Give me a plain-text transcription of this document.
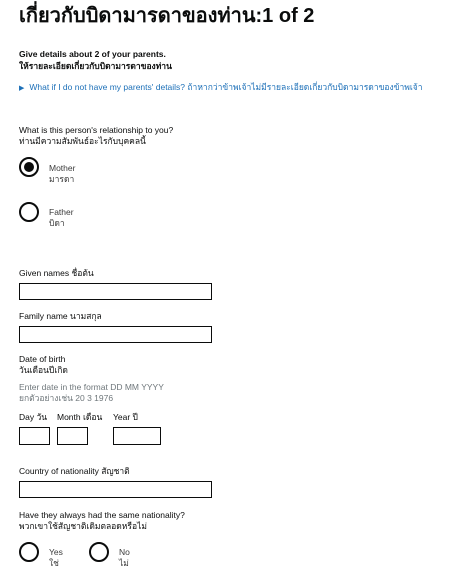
เกี่ยวกับบิดามารดาของท่าน:1 of 2
Give details about 2 of your parents.
ให้รายละเอียดเกี่ยวกับบิดามารดาของท่าน
▶ What if I do not have my parents' details? ถ้าหากว่าข้าพเจ้าไม่มีรายละเอียดเกี่ยวกับบิดามารดาของข้าพเจ้า
What is this person's relationship to you?
ท่านมีความสัมพันธ์อะไรกับบุคคลนี้
Mother
มารดา
Father
บิดา
Given names ชื่อต้น
Family name นามสกุล
Date of birth
วันเดือนปีเกิด
Enter date in the format DD MM YYYY
ยกตัวอย่างเช่น 20 3 1976
Day วัน Month เดือน Year ปี
Country of nationality สัญชาติ
Have they always had the same nationality?
พวกเขาใช้สัญชาติเดิมตลอดหรือไม่
Yes
ใช่
No
ไม่
